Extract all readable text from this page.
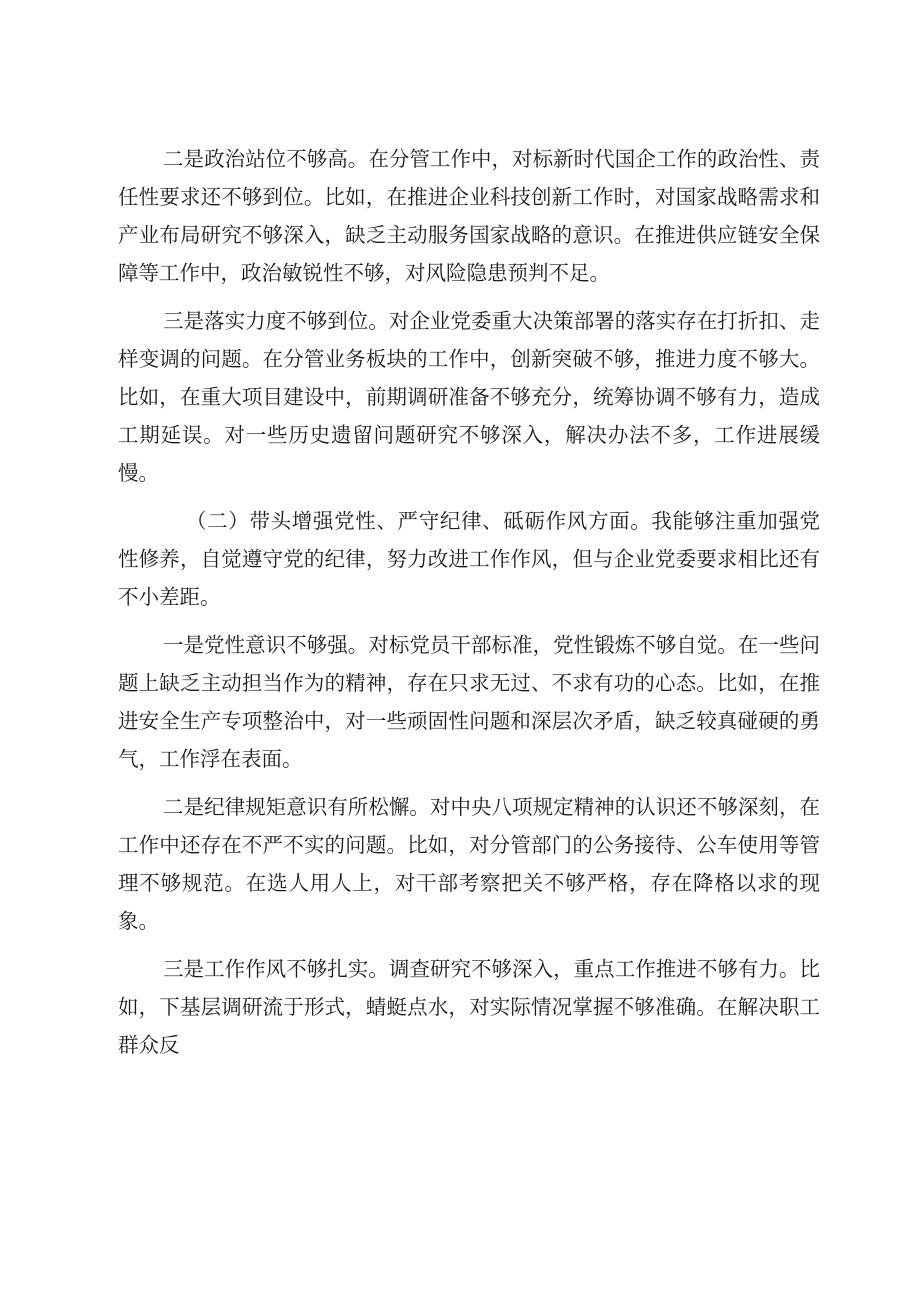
二是政治站位不够高。在分管工作中，对标新时代国企工作的政治性、责任性要求还不够到位。比如，在推进企业科技创新工作时，对国家战略需求和产业布局研究不够深入，缺乏主动服务国家战略的意识。在推进供应链安全保障等工作中，政治敏锐性不够，对风险隐患预判不足。

三是落实力度不够到位。对企业党委重大决策部署的落实存在打折扣、走样变调的问题。在分管业务板块的工作中，创新突破不够，推进力度不够大。比如，在重大项目建设中，前期调研准备不够充分，统筹协调不够有力，造成工期延误。对一些历史遗留问题研究不够深入，解决办法不多，工作进展缓慢。

（二）带头增强党性、严守纪律、砥砺作风方面。我能够注重加强党性修养，自觉遵守党的纪律，努力改进工作作风，但与企业党委要求相比还有不小差距。

一是党性意识不够强。对标党员干部标准，党性锻炼不够自觉。在一些问题上缺乏主动担当作为的精神，存在只求无过、不求有功的心态。比如，在推进安全生产专项整治中，对一些顽固性问题和深层次矛盾，缺乏较真碰硬的勇气，工作浮在表面。

二是纪律规矩意识有所松懈。对中央八项规定精神的认识还不够深刻，在工作中还存在不严不实的问题。比如，对分管部门的公务接待、公车使用等管理不够规范。在选人用人上，对干部考察把关不够严格，存在降格以求的现象。

三是工作作风不够扎实。调查研究不够深入，重点工作推进不够有力。比如，下基层调研流于形式，蜻蜓点水，对实际情况掌握不够准确。在解决职工群众反
